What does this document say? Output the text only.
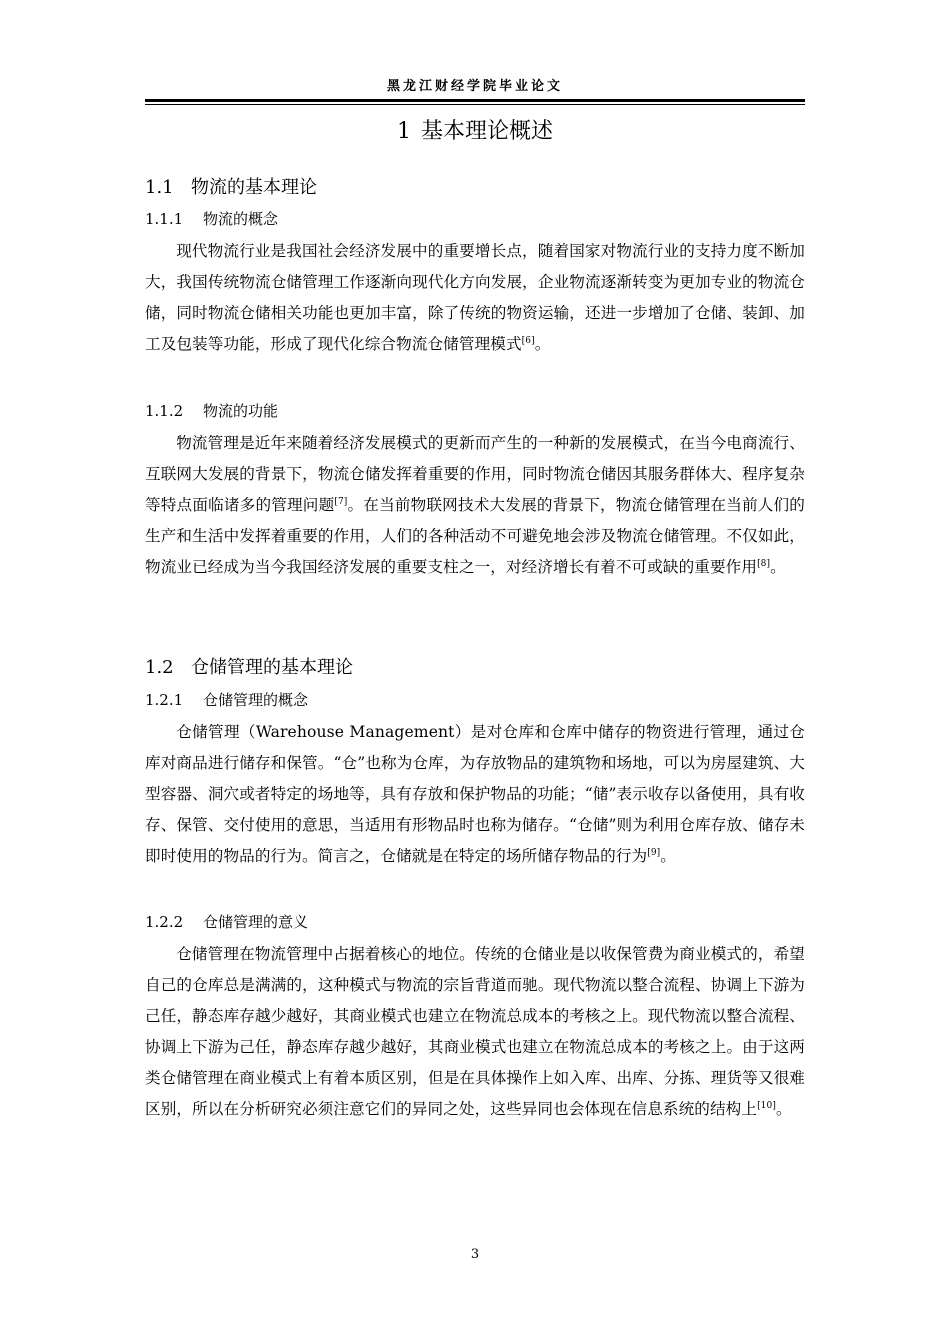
黑龙江财经学院毕业论文
1 基本理论概述
1.1 物流的基本理论
1.1.1 物流的概念

现代物流行业是我国社会经济发展中的重要增长点，随着国家对物流行业的支持力度不断加大，我国传统物流仓储管理工作逐渐向现代化方向发展，企业物流逐渐转变为更加专业的物流仓储，同时物流仓储相关功能也更加丰富，除了传统的物资运输，还进一步增加了仓储、装卸、加工及包装等功能，形成了现代化综合物流仓储管理模式[6]。

1.1.2 物流的功能

物流管理是近年来随着经济发展模式的更新而产生的一种新的发展模式，在当今电商流行、互联网大发展的背景下，物流仓储发挥着重要的作用，同时物流仓储因其服务群体大、程序复杂等特点面临诸多的管理问题[7]。在当前物联网技术大发展的背景下，物流仓储管理在当前人们的生产和生活中发挥着重要的作用，人们的各种活动不可避免地会涉及物流仓储管理。不仅如此，物流业已经成为当今我国经济发展的重要支柱之一，对经济增长有着不可或缺的重要作用[8]。

1.2 仓储管理的基本理论
1.2.1 仓储管理的概念

仓储管理（Warehouse Management）是对仓库和仓库中储存的物资进行管理，通过仓库对商品进行储存和保管。“仓”也称为仓库，为存放物品的建筑物和场地，可以为房屋建筑、大型容器、洞穴或者特定的场地等，具有存放和保护物品的功能；“储”表示收存以备使用，具有收存、保管、交付使用的意思，当适用有形物品时也称为储存。“仓储”则为利用仓库存放、储存未即时使用的物品的行为。简言之，仓储就是在特定的场所储存物品的行为[9]。

1.2.2 仓储管理的意义

仓储管理在物流管理中占据着核心的地位。传统的仓储业是以收保管费为商业模式的，希望自己的仓库总是满满的，这种模式与物流的宗旨背道而驰。现代物流以整合流程、协调上下游为己任，静态库存越少越好，其商业模式也建立在物流总成本的考核之上。现代物流以整合流程、协调上下游为己任，静态库存越少越好，其商业模式也建立在物流总成本的考核之上。由于这两类仓储管理在商业模式上有着本质区别，但是在具体操作上如入库、出库、分拣、理货等又很难区别，所以在分析研究必须注意它们的异同之处，这些异同也会体现在信息系统的结构上[10]。

3
